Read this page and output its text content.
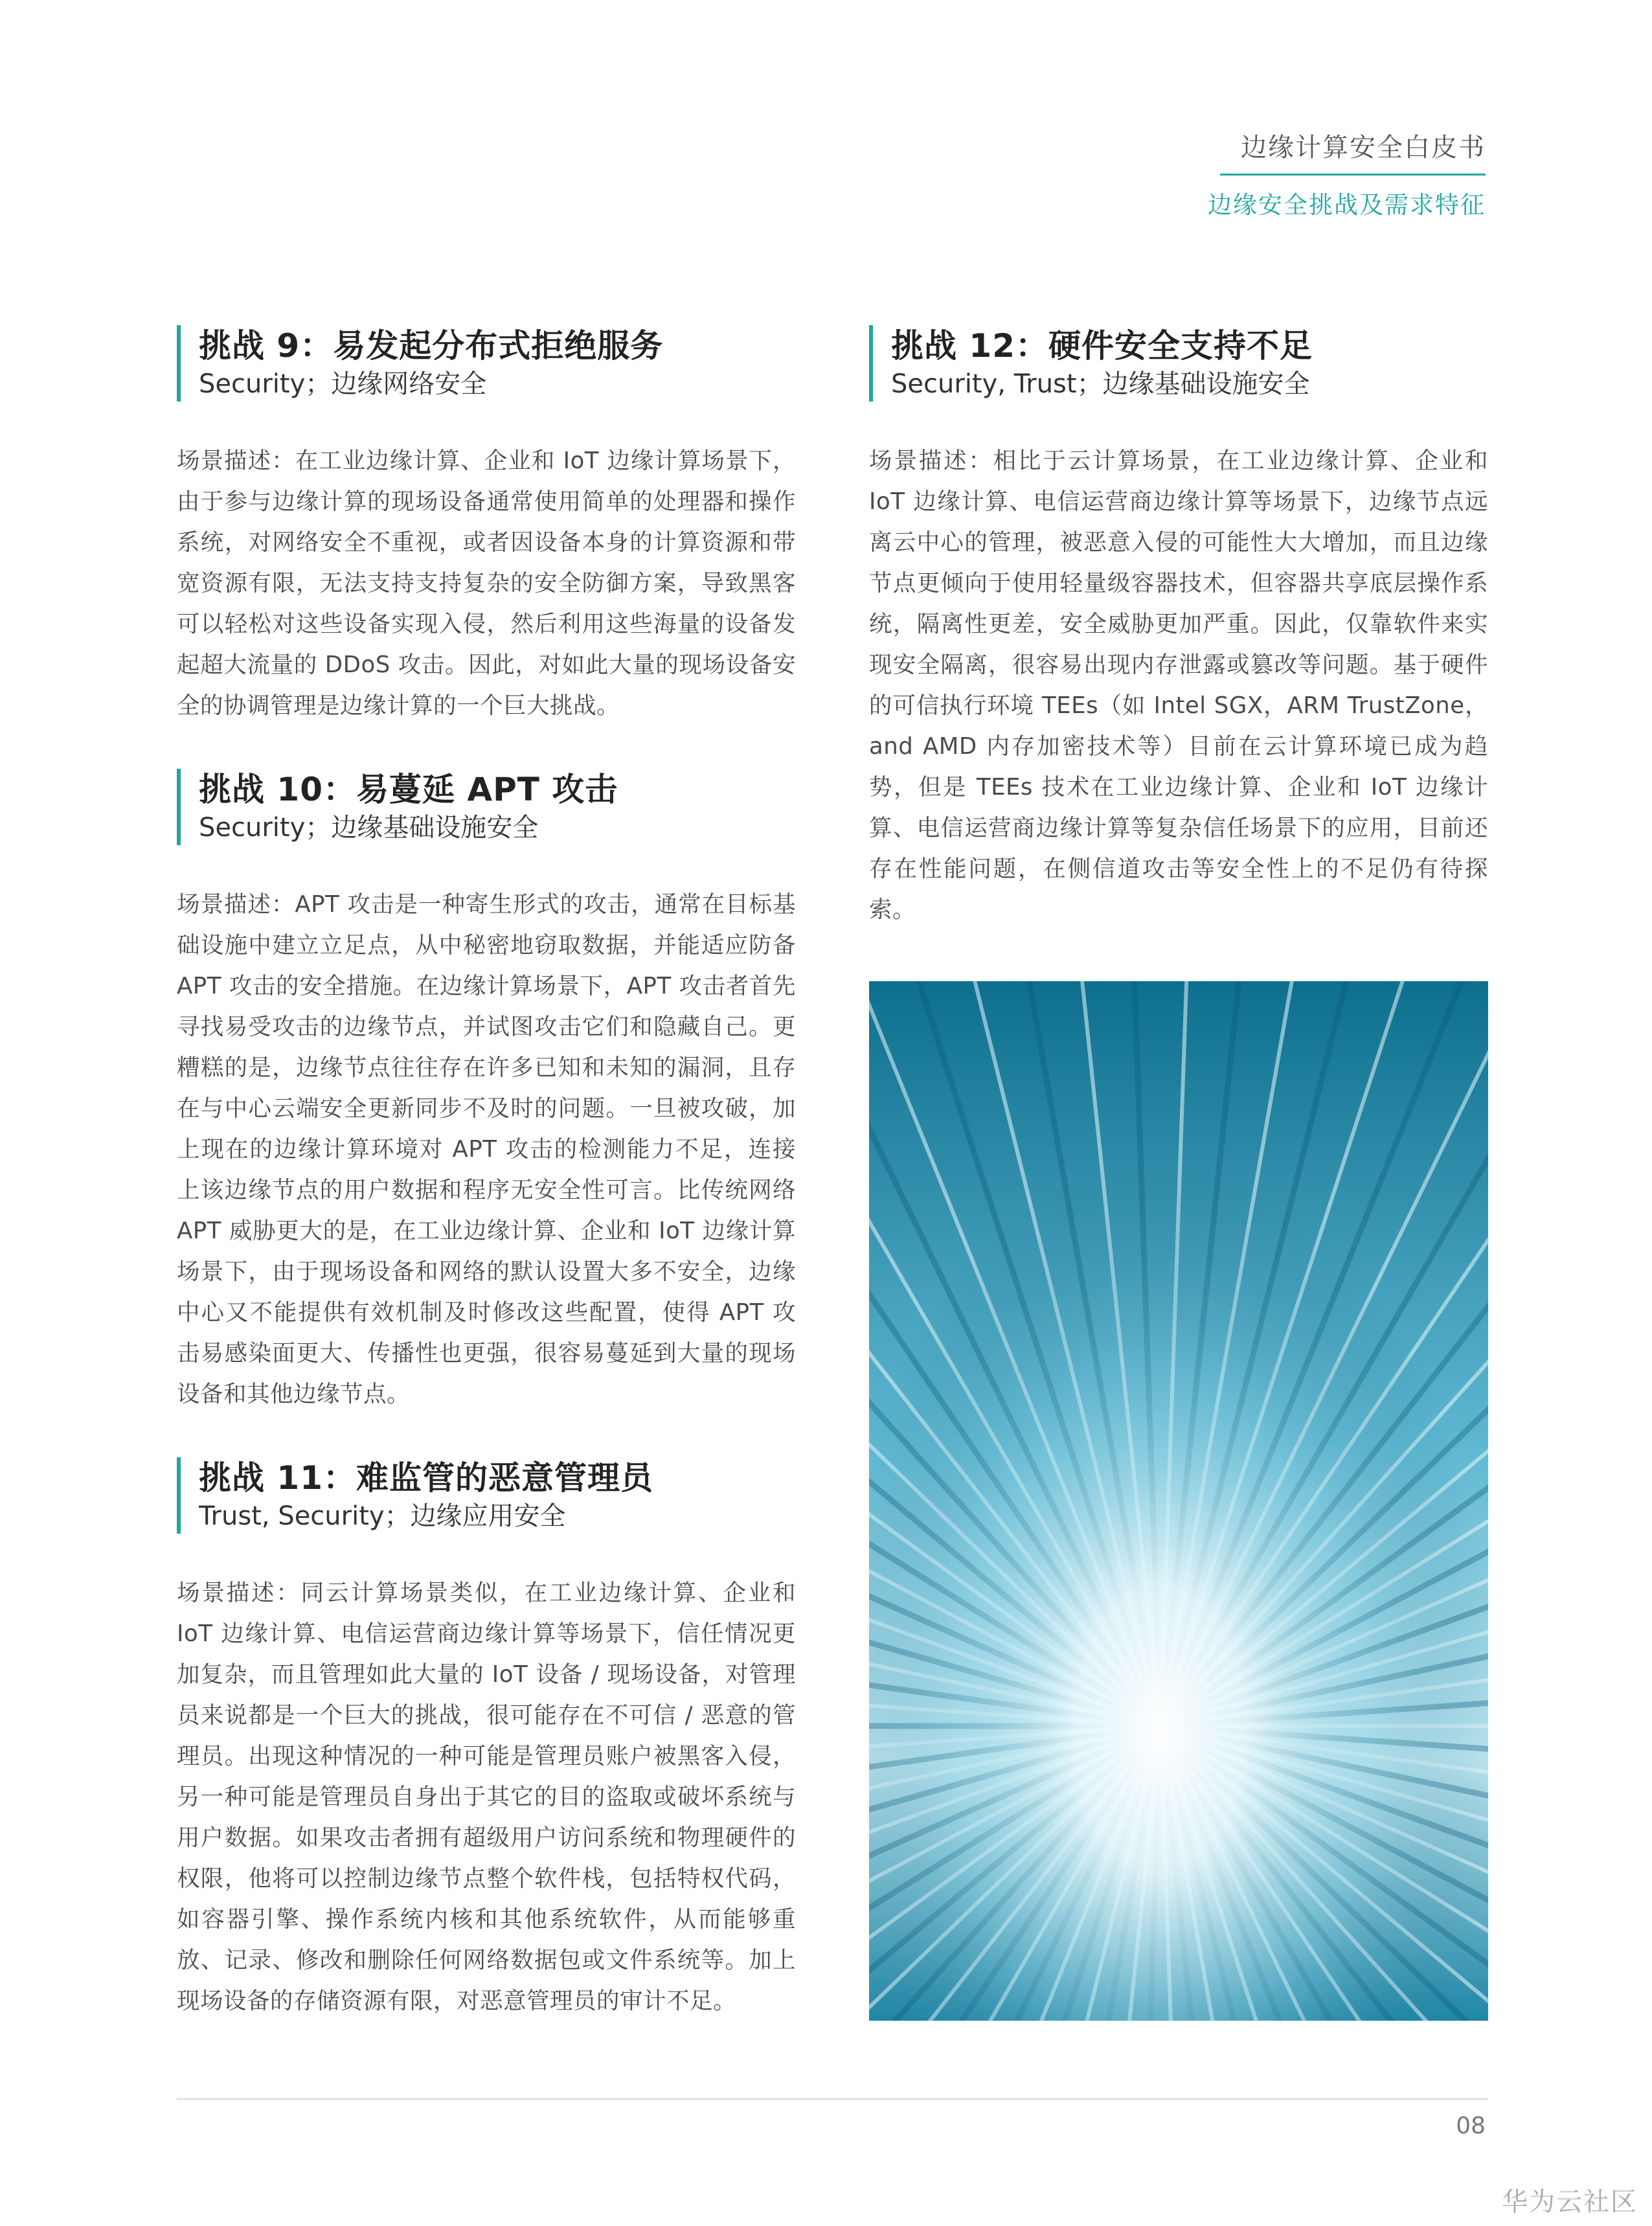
边缘计算安全白皮书
边缘安全挑战及需求特征
挑战 9：易发起分布式拒绝服务
Security；边缘网络安全

场景描述：在工业边缘计算、企业和 IoT 边缘计算场景下，由于参与边缘计算的现场设备通常使用简单的处理器和操作系统，对网络安全不重视，或者因设备本身的计算资源和带宽资源有限，无法支持支持复杂的安全防御方案，导致黑客可以轻松对这些设备实现入侵，然后利用这些海量的设备发起超大流量的 DDoS 攻击。因此，对如此大量的现场设备安全的协调管理是边缘计算的一个巨大挑战。

挑战 10：易蔓延 APT 攻击
Security；边缘基础设施安全

场景描述：APT 攻击是一种寄生形式的攻击，通常在目标基础设施中建立立足点，从中秘密地窃取数据，并能适应防备 APT 攻击的安全措施。在边缘计算场景下，APT 攻击者首先寻找易受攻击的边缘节点，并试图攻击它们和隐藏自己。更糟糕的是，边缘节点往往存在许多已知和未知的漏洞，且存在与中心云端安全更新同步不及时的问题。一旦被攻破，加上现在的边缘计算环境对 APT 攻击的检测能力不足，连接上该边缘节点的用户数据和程序无安全性可言。比传统网络 APT 威胁更大的是，在工业边缘计算、企业和 IoT 边缘计算场景下，由于现场设备和网络的默认设置大多不安全，边缘中心又不能提供有效机制及时修改这些配置，使得 APT 攻击易感染面更大、传播性也更强，很容易蔓延到大量的现场设备和其他边缘节点。

挑战 11：难监管的恶意管理员
Trust, Security；边缘应用安全

场景描述：同云计算场景类似，在工业边缘计算、企业和 IoT 边缘计算、电信运营商边缘计算等场景下，信任情况更加复杂，而且管理如此大量的 IoT 设备 / 现场设备，对管理员来说都是一个巨大的挑战，很可能存在不可信 / 恶意的管理员。出现这种情况的一种可能是管理员账户被黑客入侵，另一种可能是管理员自身出于其它的目的盗取或破坏系统与用户数据。如果攻击者拥有超级用户访问系统和物理硬件的权限，他将可以控制边缘节点整个软件栈，包括特权代码，如容器引擎、操作系统内核和其他系统软件，从而能够重放、记录、修改和删除任何网络数据包或文件系统等。加上现场设备的存储资源有限，对恶意管理员的审计不足。

挑战 12：硬件安全支持不足
Security, Trust；边缘基础设施安全

场景描述：相比于云计算场景，在工业边缘计算、企业和 IoT 边缘计算、电信运营商边缘计算等场景下，边缘节点远离云中心的管理，被恶意入侵的可能性大大增加，而且边缘节点更倾向于使用轻量级容器技术，但容器共享底层操作系统，隔离性更差，安全威胁更加严重。因此，仅靠软件来实现安全隔离，很容易出现内存泄露或篡改等问题。基于硬件的可信执行环境 TEEs（如 Intel SGX，ARM TrustZone，and AMD 内存加密技术等）目前在云计算环境已成为趋势，但是 TEEs 技术在工业边缘计算、企业和 IoT 边缘计算、电信运营商边缘计算等复杂信任场景下的应用，目前还存在性能问题，在侧信道攻击等安全性上的不足仍有待探索。

08
华为云社区
